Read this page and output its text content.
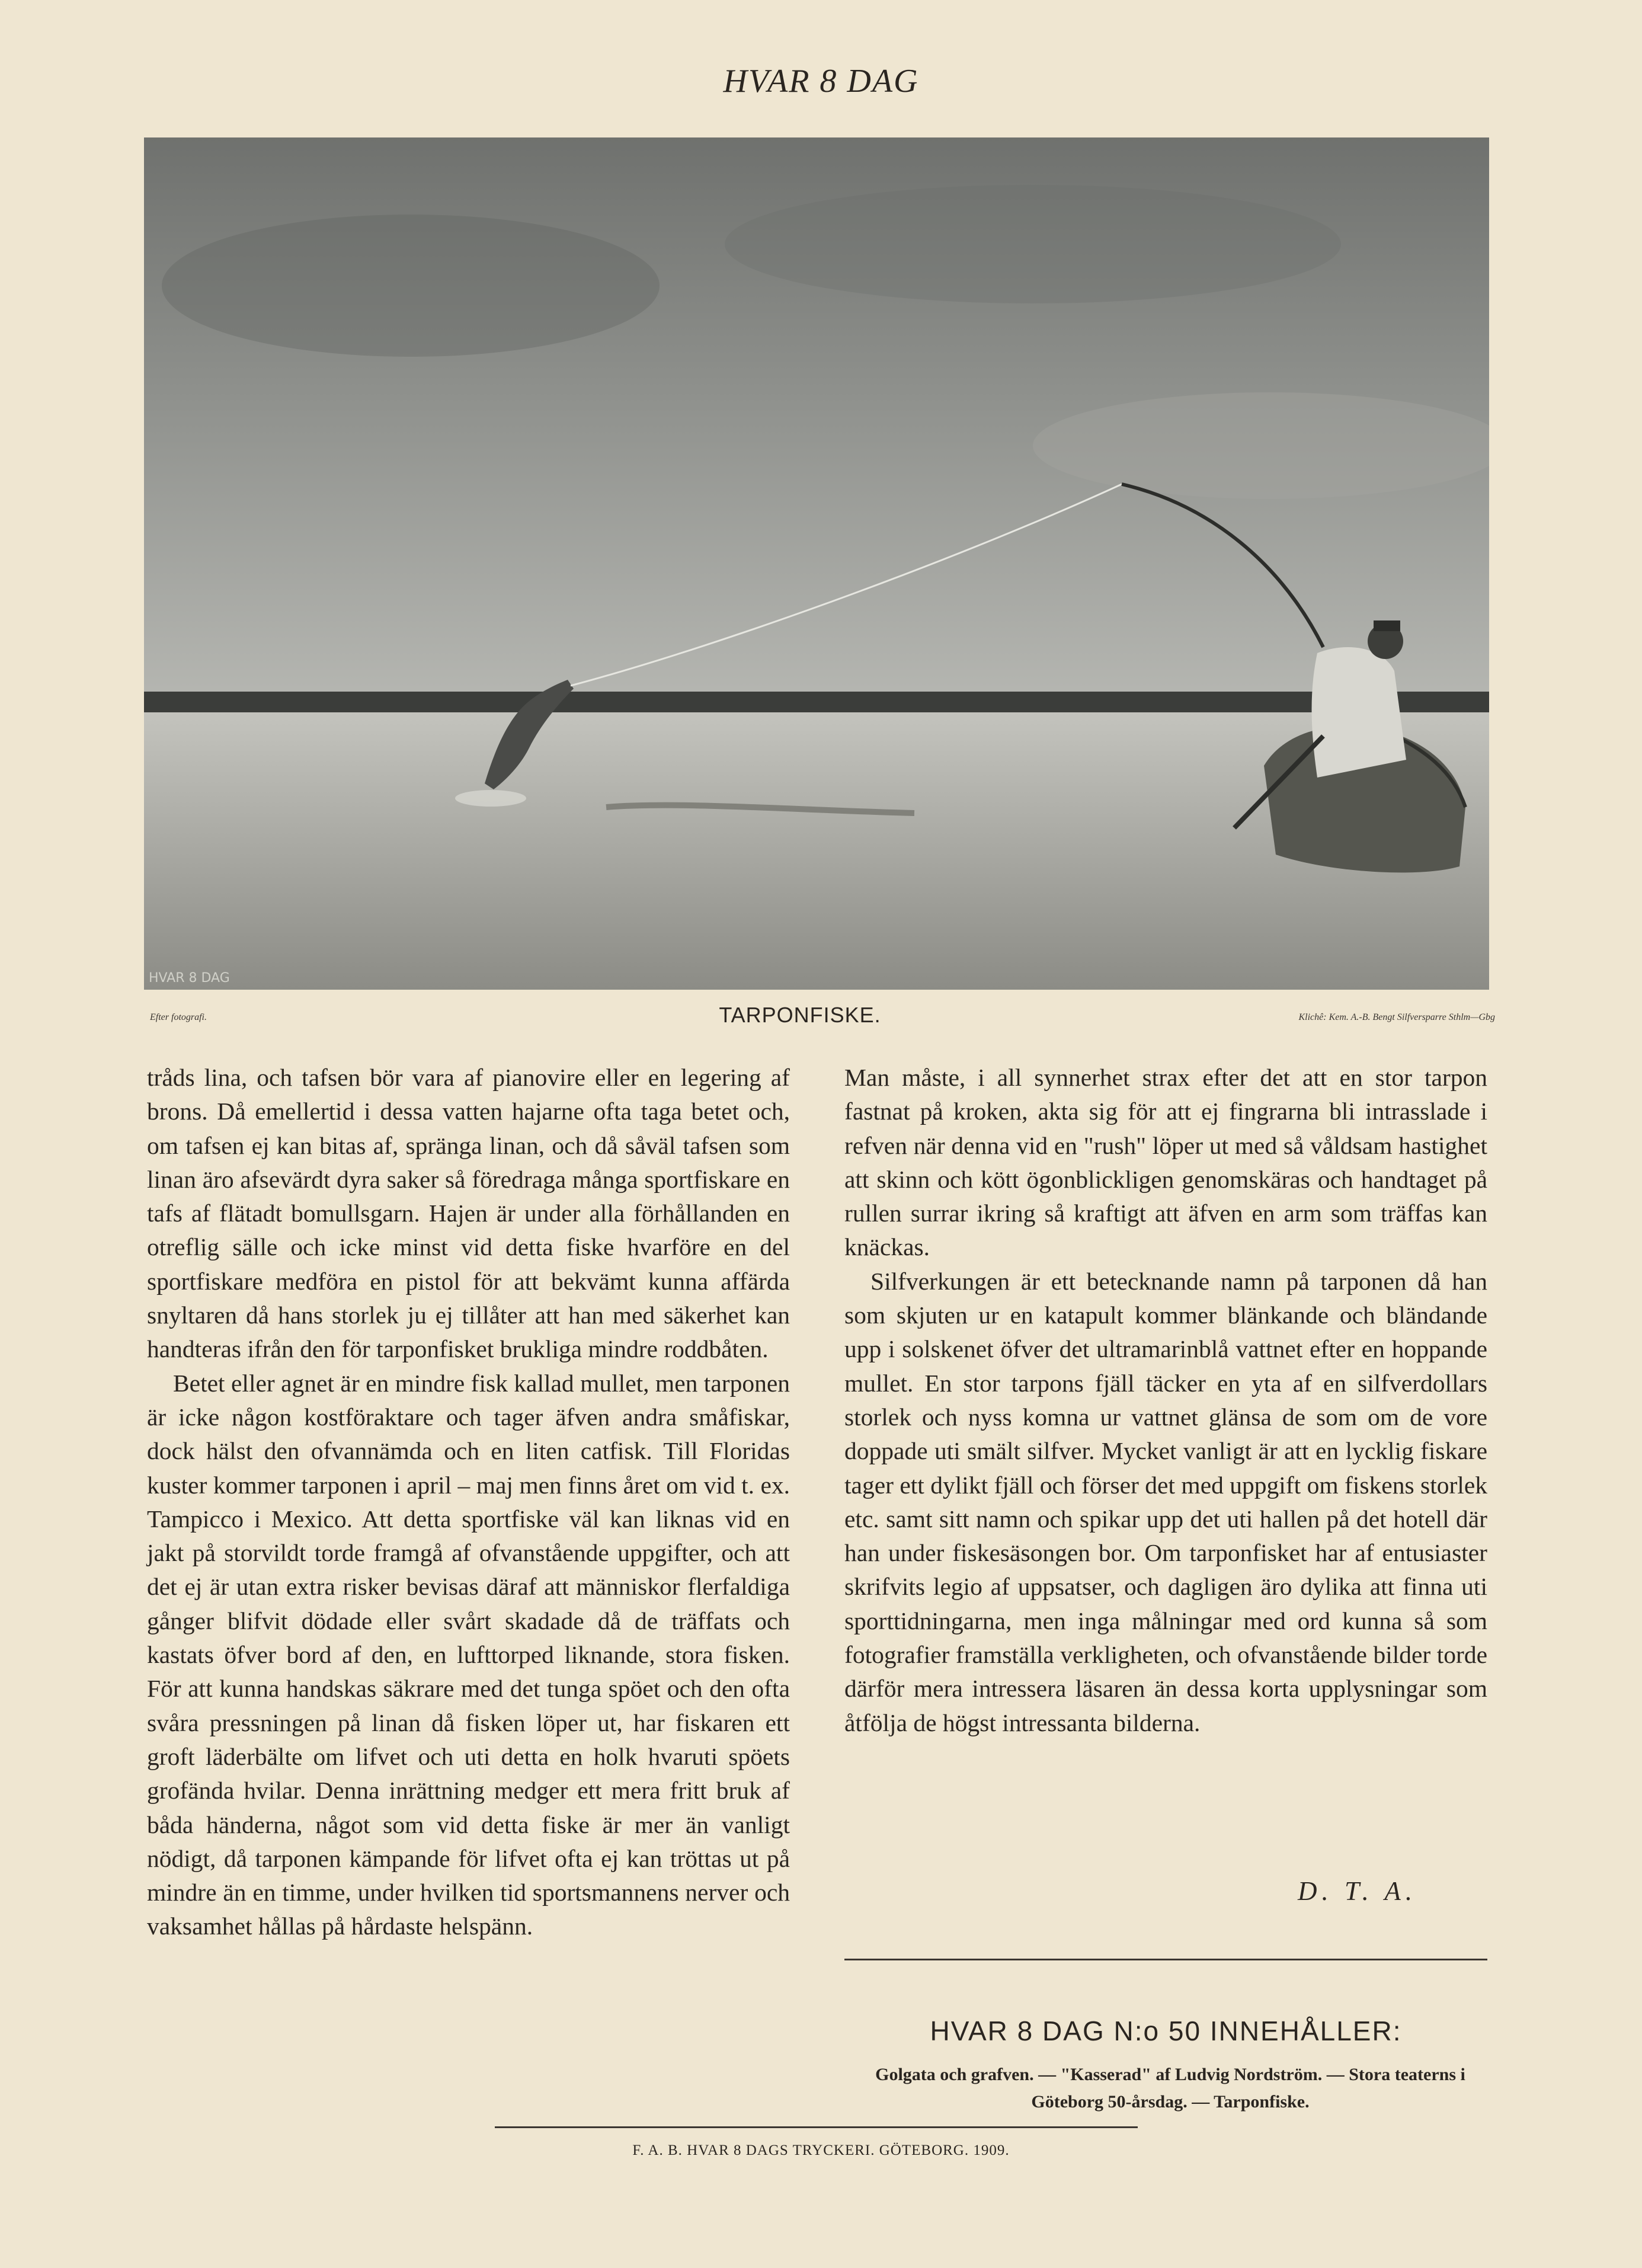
HVAR 8 DAG
HVAR 8 DAG
Efter fotografi.	TARPONFISKE.	Klichê: Kem. A.-B. Bengt Silfversparre Sthlm—Gbg

tråds lina, och tafsen bör vara af pianovire eller en legering af brons. Då emellertid i dessa vatten hajarne ofta taga betet och, om tafsen ej kan bitas af, spränga linan, och då såväl tafsen som linan äro afsevärdt dyra saker så föredraga många sportfiskare en tafs af flätadt bomullsgarn. Hajen är under alla förhållanden en otreflig sälle och icke minst vid detta fiske hvarföre en del sportfiskare medföra en pistol för att bekvämt kunna affärda snyltaren då hans storlek ju ej tillåter att han med säkerhet kan handteras ifrån den för tarponfisket brukliga mindre roddbåten.

Betet eller agnet är en mindre fisk kallad mullet, men tarponen är icke någon kostföraktare och tager äfven andra småfiskar, dock hälst den ofvannämda och en liten catfisk. Till Floridas kuster kommer tarponen i april – maj men finns året om vid t. ex. Tampicco i Mexico. Att detta sportfiske väl kan liknas vid en jakt på storvildt torde framgå af ofvanstående uppgifter, och att det ej är utan extra risker bevisas däraf att människor flerfaldiga gånger blifvit dödade eller svårt skadade då de träffats och kastats öfver bord af den, en lufttorped liknande, stora fisken. För att kunna handskas säkrare med det tunga spöet och den ofta svåra pressningen på linan då fisken löper ut, har fiskaren ett groft läderbälte om lifvet och uti detta en holk hvaruti spöets grofända hvilar. Denna inrättning medger ett mera fritt bruk af båda händerna, något som vid detta fiske är mer än vanligt nödigt, då tarponen kämpande för lifvet ofta ej kan tröttas ut på mindre än en timme, under hvilken tid sportsmannens nerver och vaksamhet hållas på hårdaste helspänn.

Man måste, i all synnerhet strax efter det att en stor tarpon fastnat på kroken, akta sig för att ej fingrarna bli intrasslade i refven när denna vid en "rush" löper ut med så våldsam hastighet att skinn och kött ögonblickligen genomskäras och handtaget på rullen surrar ikring så kraftigt att äfven en arm som träffas kan knäckas.

Silfverkungen är ett betecknande namn på tarponen då han som skjuten ur en katapult kommer blänkande och bländande upp i solskenet öfver det ultramarinblå vattnet efter en hoppande mullet. En stor tarpons fjäll täcker en yta af en silfverdollars storlek och nyss komna ur vattnet glänsa de som om de vore doppade uti smält silfver. Mycket vanligt är att en lycklig fiskare tager ett dylikt fjäll och förser det med uppgift om fiskens storlek etc. samt sitt namn och spikar upp det uti hallen på det hotell där han under fiskesäsongen bor. Om tarponfisket har af entusiaster skrifvits legio af uppsatser, och dagligen äro dylika att finna uti sporttidningarna, men inga målningar med ord kunna så som fotografier framställa verkligheten, och ofvanstående bilder torde därför mera intressera läsaren än dessa korta upplysningar som åtfölja de högst intressanta bilderna.

D. T. A.
HVAR 8 DAG N:o 50 INNEHÅLLER:
Golgata och grafven. — "Kasserad" af Ludvig Nordström. — Stora teaterns i Göteborg 50-årsdag. — Tarponfiske.
F. A. B. HVAR 8 DAGS TRYCKERI. GÖTEBORG. 1909.
